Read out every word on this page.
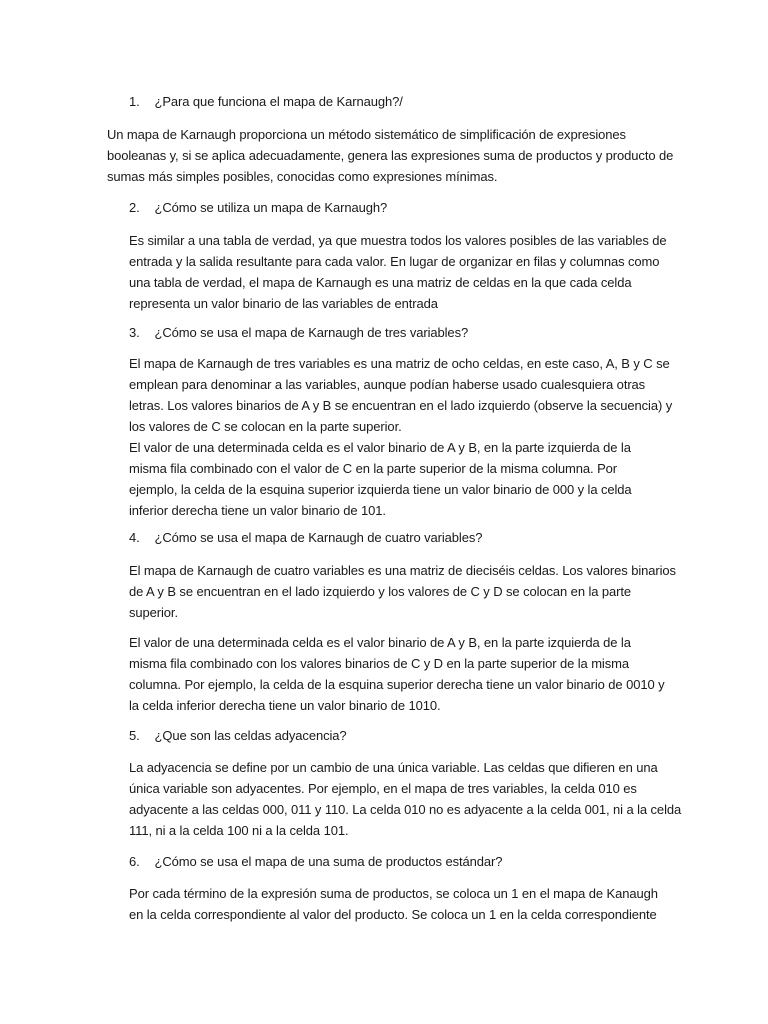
1. ¿Para que funciona el mapa de Karnaugh?/

Un mapa de Karnaugh proporciona un método sistemático de simplificación de expresiones
booleanas y, si se aplica adecuadamente, genera las expresiones suma de productos y producto de
sumas más simples posibles, conocidas como expresiones mínimas.

2. ¿Cómo se utiliza un mapa de Karnaugh?

Es similar a una tabla de verdad, ya que muestra todos los valores posibles de las variables de
entrada y la salida resultante para cada valor. En lugar de organizar en filas y columnas como
una tabla de verdad, el mapa de Karnaugh es una matriz de celdas en la que cada celda
representa un valor binario de las variables de entrada

3. ¿Cómo se usa el mapa de Karnaugh de tres variables?

El mapa de Karnaugh de tres variables es una matriz de ocho celdas, en este caso, A, B y C se
emplean para denominar a las variables, aunque podían haberse usado cualesquiera otras
letras. Los valores binarios de A y B se encuentran en el lado izquierdo (observe la secuencia) y
los valores de C se colocan en la parte superior.
El valor de una determinada celda es el valor binario de A y B, en la parte izquierda de la
misma fila combinado con el valor de C en la parte superior de la misma columna. Por
ejemplo, la celda de la esquina superior izquierda tiene un valor binario de 000 y la celda
inferior derecha tiene un valor binario de 101.

4. ¿Cómo se usa el mapa de Karnaugh de cuatro variables?

El mapa de Karnaugh de cuatro variables es una matriz de dieciséis celdas. Los valores binarios
de A y B se encuentran en el lado izquierdo y los valores de C y D se colocan en la parte
superior.

El valor de una determinada celda es el valor binario de A y B, en la parte izquierda de la
misma fila combinado con los valores binarios de C y D en la parte superior de la misma
columna. Por ejemplo, la celda de la esquina superior derecha tiene un valor binario de 0010 y
la celda inferior derecha tiene un valor binario de 1010.

5. ¿Que son las celdas adyacencia?

La adyacencia se define por un cambio de una única variable. Las celdas que difieren en una
única variable son adyacentes. Por ejemplo, en el mapa de tres variables, la celda 010 es
adyacente a las celdas 000, 011 y 110. La celda 010 no es adyacente a la celda 001, ni a la celda
111, ni a la celda 100 ni a la celda 101.

6. ¿Cómo se usa el mapa de una suma de productos estándar?

Por cada término de la expresión suma de productos, se coloca un 1 en el mapa de Kanaugh
en la celda correspondiente al valor del producto. Se coloca un 1 en la celda correspondiente
